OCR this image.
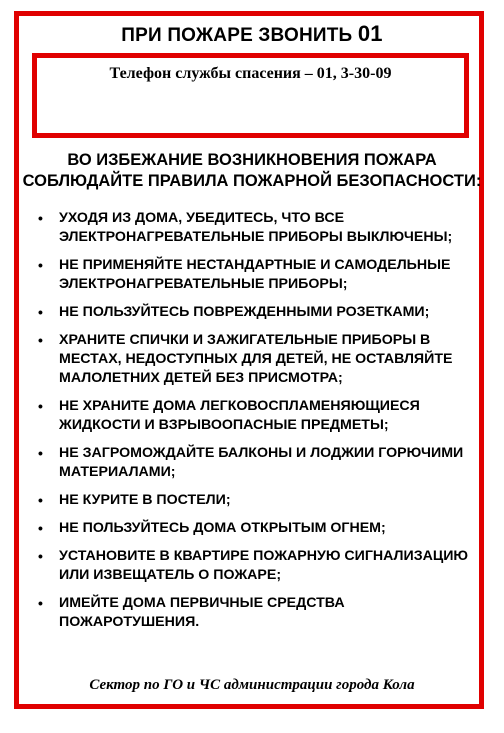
ПРИ ПОЖАРЕ ЗВОНИТЬ 01
Телефон службы спасения – 01, 3-30-09
ВО ИЗБЕЖАНИЕ ВОЗНИКНОВЕНИЯ ПОЖАРА СОБЛЮДАЙТЕ ПРАВИЛА ПОЖАРНОЙ БЕЗОПАСНОСТИ:
• УХОДЯ ИЗ ДОМА, УБЕДИТЕСЬ, ЧТО ВСЕ ЭЛЕКТРОНАГРЕВАТЕЛЬНЫЕ ПРИБОРЫ ВЫКЛЮЧЕНЫ;
• НЕ ПРИМЕНЯЙТЕ НЕСТАНДАРТНЫЕ И САМОДЕЛЬНЫЕ ЭЛЕКТРОНАГРЕВАТЕЛЬНЫЕ ПРИБОРЫ;
• НЕ ПОЛЬЗУЙТЕСЬ ПОВРЕЖДЕННЫМИ РОЗЕТКАМИ;
• ХРАНИТЕ СПИЧКИ И ЗАЖИГАТЕЛЬНЫЕ ПРИБОРЫ В МЕСТАХ, НЕДОСТУПНЫХ ДЛЯ ДЕТЕЙ, НЕ ОСТАВЛЯЙТЕ МАЛОЛЕТНИХ ДЕТЕЙ БЕЗ ПРИСМОТРА;
• НЕ ХРАНИТЕ ДОМА ЛЕГКОВОСПЛАМЕНЯЮЩИЕСЯ ЖИДКОСТИ И ВЗРЫВООПАСНЫЕ ПРЕДМЕТЫ;
• НЕ ЗАГРОМОЖДАЙТЕ БАЛКОНЫ И ЛОДЖИИ ГОРЮЧИМИ МАТЕРИАЛАМИ;
• НЕ КУРИТЕ В ПОСТЕЛИ;
• НЕ ПОЛЬЗУЙТЕСЬ ДОМА ОТКРЫТЫМ ОГНЕМ;
• УСТАНОВИТЕ В КВАРТИРЕ ПОЖАРНУЮ СИГНАЛИЗАЦИЮ ИЛИ ИЗВЕЩАТЕЛЬ О ПОЖАРЕ;
• ИМЕЙТЕ ДОМА ПЕРВИЧНЫЕ СРЕДСТВА ПОЖАРОТУШЕНИЯ.
Сектор по ГО и ЧС администрации города Кола
